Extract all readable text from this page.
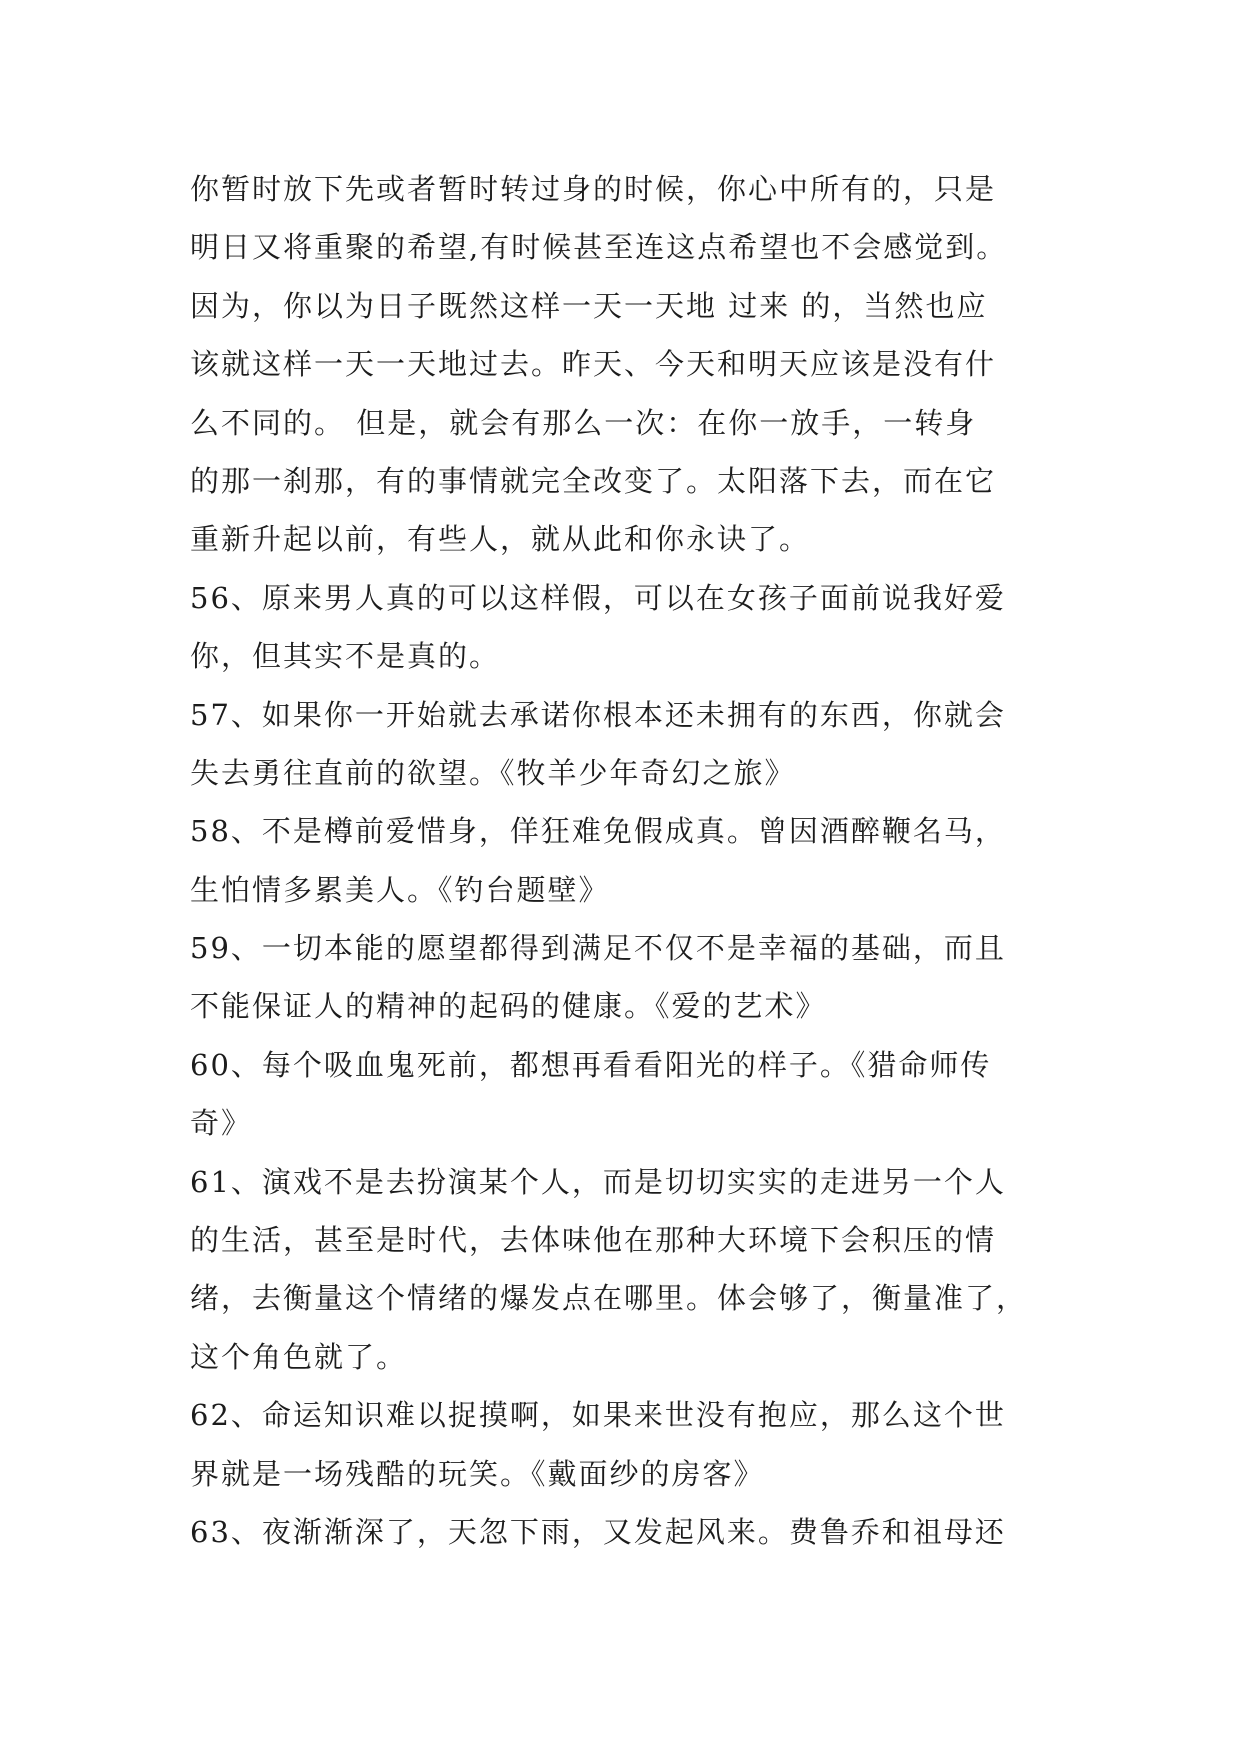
你暂时放下先或者暂时转过身的时候，你心中所有的，只是
明日又将重聚的希望,有时候甚至连这点希望也不会感觉到。
因为，你以为日子既然这样一天一天地 过来 的，当然也应
该就这样一天一天地过去。昨天、今天和明天应该是没有什
么不同的。 但是，就会有那么一次：在你一放手，一转身
的那一刹那，有的事情就完全改变了。太阳落下去，而在它
重新升起以前，有些人，就从此和你永诀了。
56、原来男人真的可以这样假，可以在女孩子面前说我好爱
你，但其实不是真的。
57、如果你一开始就去承诺你根本还未拥有的东西，你就会
失去勇往直前的欲望。《牧羊少年奇幻之旅》
58、不是樽前爱惜身，佯狂难免假成真。曾因酒醉鞭名马，
生怕情多累美人。《钓台题壁》
59、一切本能的愿望都得到满足不仅不是幸福的基础，而且
不能保证人的精神的起码的健康。《爱的艺术》
60、每个吸血鬼死前，都想再看看阳光的样子。《猎命师传
奇》
61、演戏不是去扮演某个人，而是切切实实的走进另一个人
的生活，甚至是时代，去体味他在那种大环境下会积压的情
绪，去衡量这个情绪的爆发点在哪里。体会够了，衡量准了，
这个角色就了。
62、命运知识难以捉摸啊，如果来世没有抱应，那么这个世
界就是一场残酷的玩笑。《戴面纱的房客》
63、夜渐渐深了，天忽下雨，又发起风来。费鲁乔和祖母还
